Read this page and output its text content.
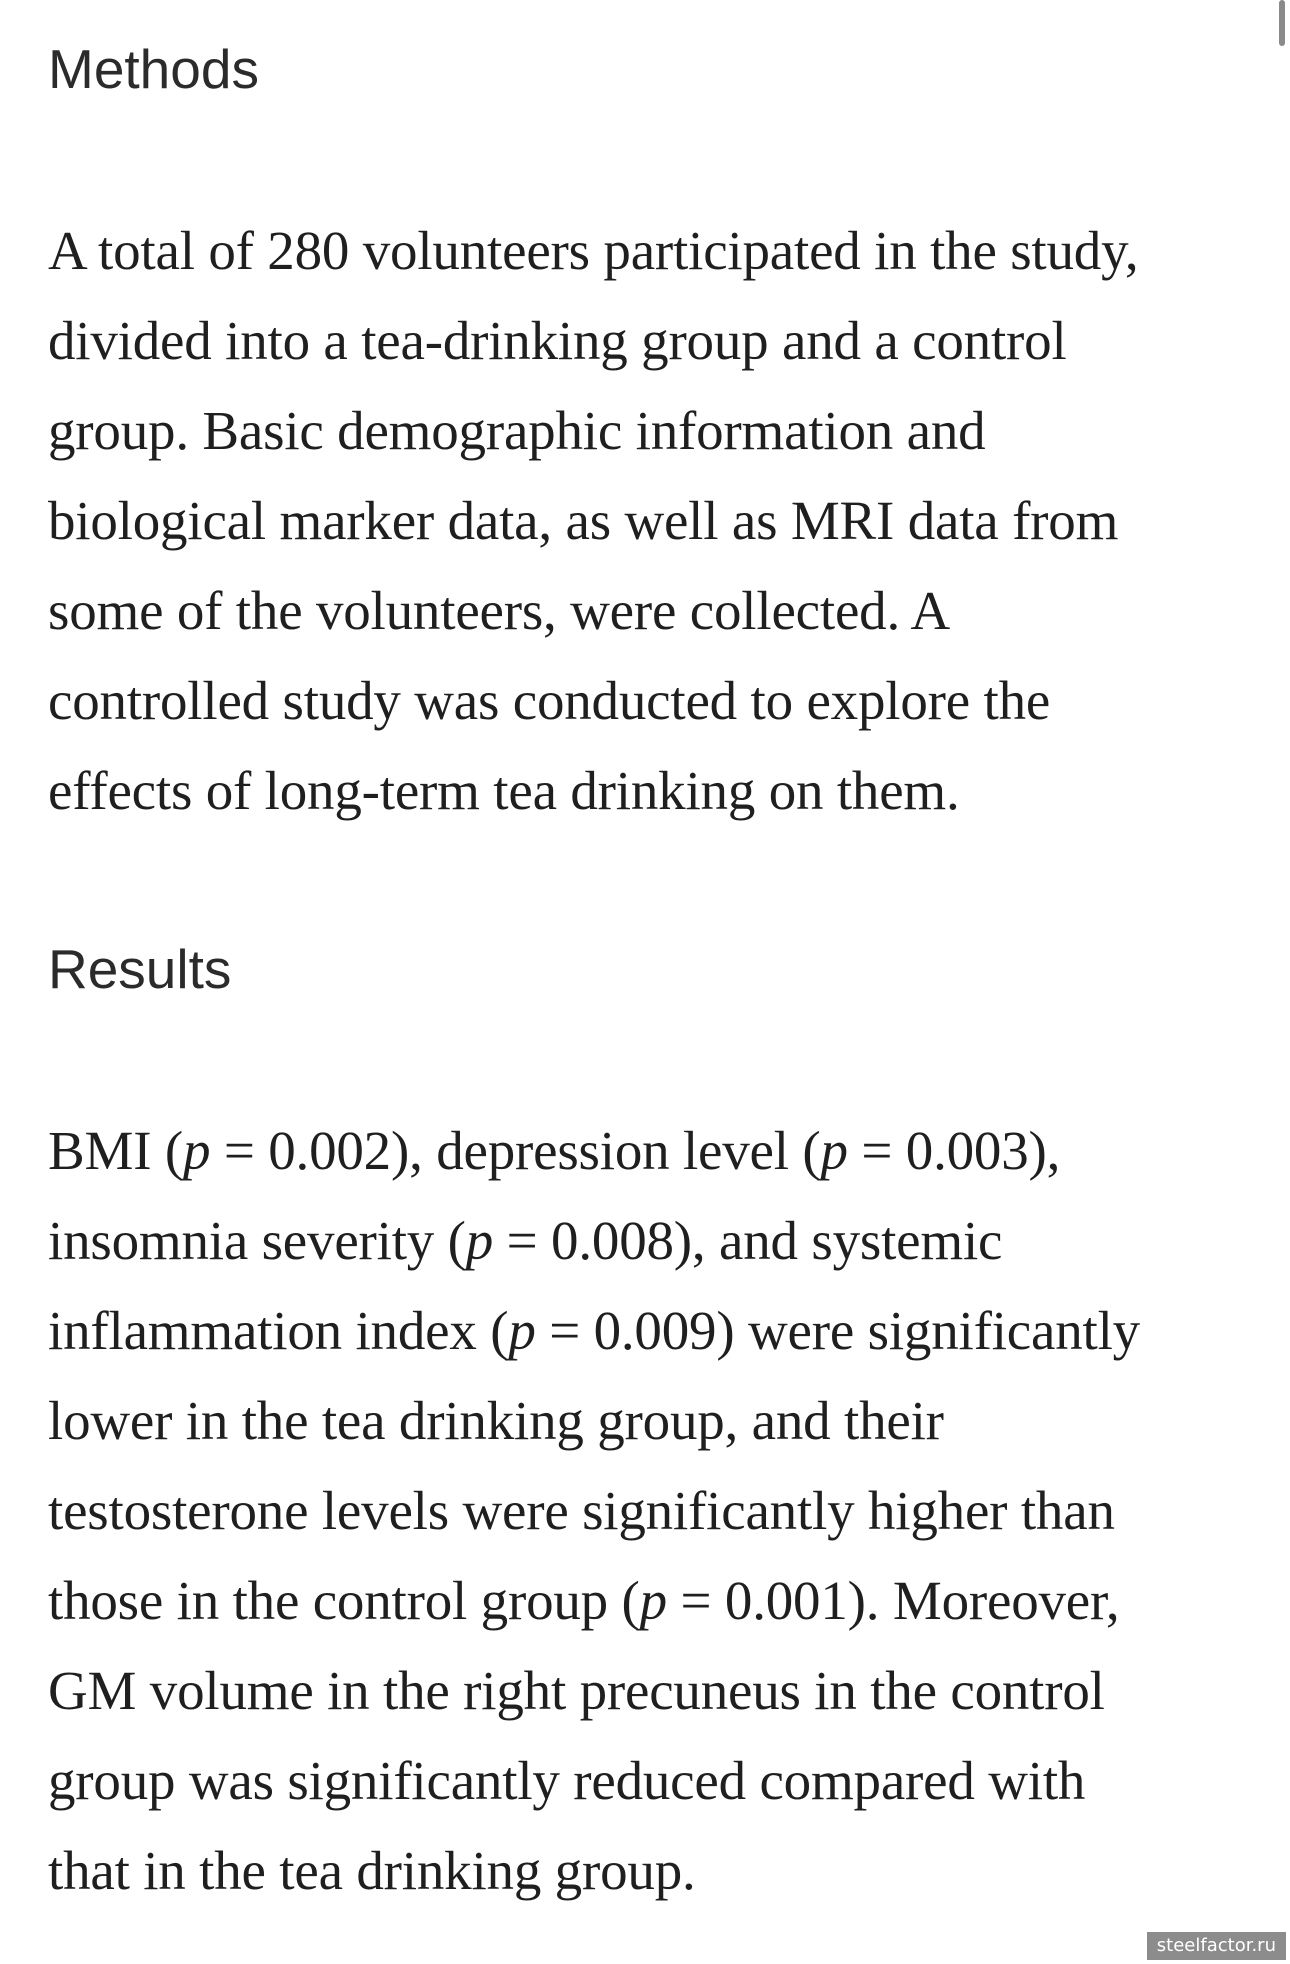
Methods

A total of 280 volunteers participated in the study,
divided into a tea-drinking group and a control
group. Basic demographic information and
biological marker data, as well as MRI data from
some of the volunteers, were collected. A
controlled study was conducted to explore the
effects of long-term tea drinking on them.

Results

BMI (p = 0.002), depression level (p = 0.003),
insomnia severity (p = 0.008), and systemic
inflammation index (p = 0.009) were significantly
lower in the tea drinking group, and their
testosterone levels were significantly higher than
those in the control group (p = 0.001). Moreover,
GM volume in the right precuneus in the control
group was significantly reduced compared with
that in the tea drinking group.

steelfactor.ru
